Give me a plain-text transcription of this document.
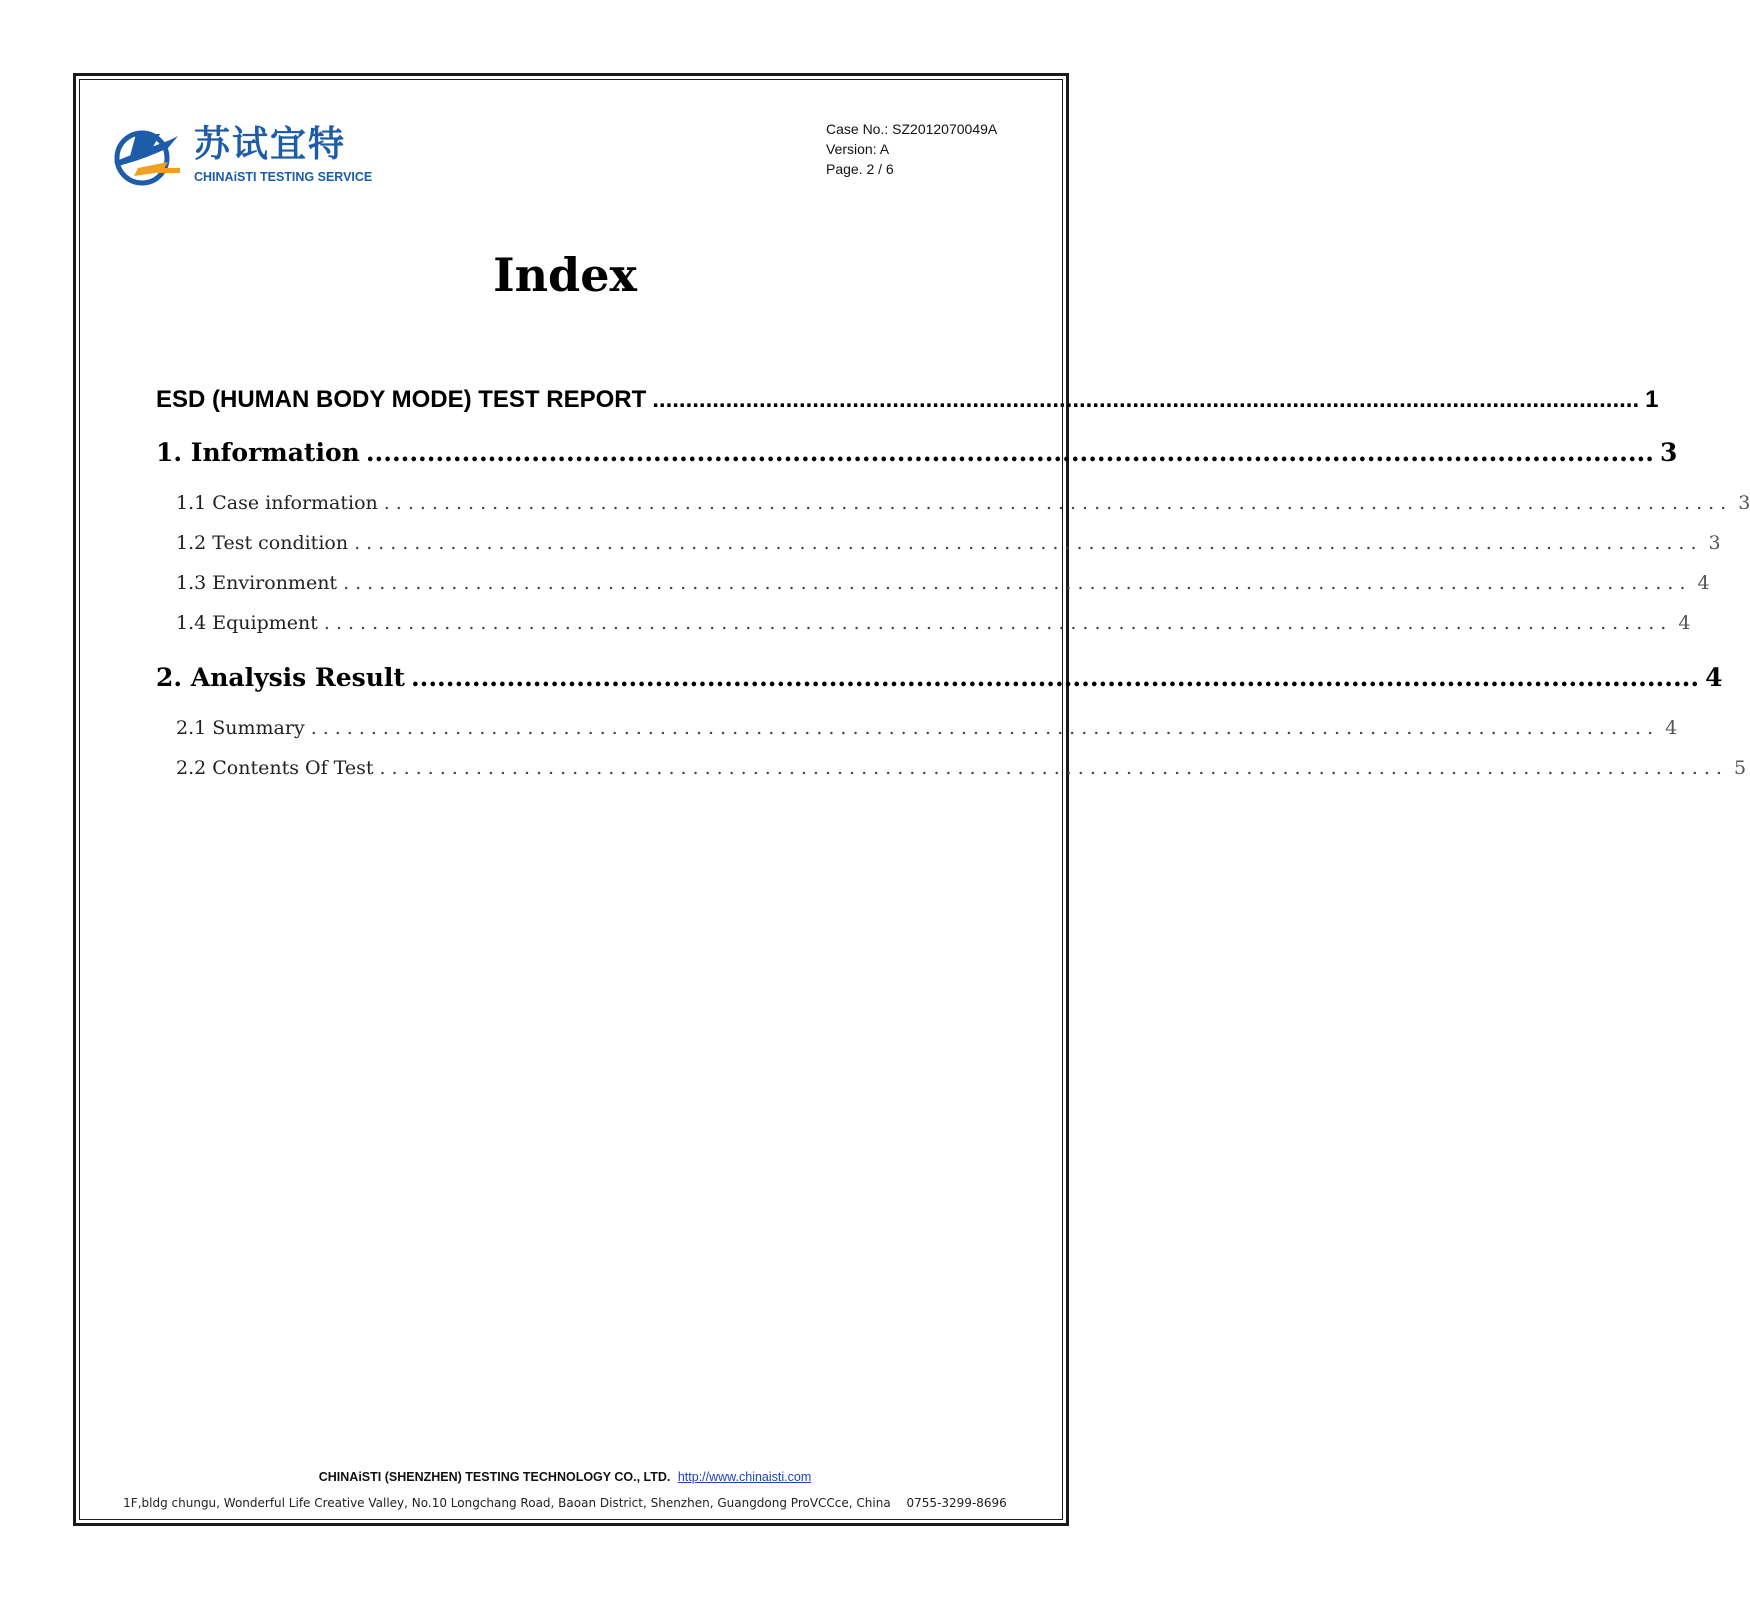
苏试宜特
CHINAiSTI TESTING SERVICE
Case No.: SZ2012070049A
Version: A
Page. 2 / 6
Index
ESD (HUMAN BODY MODE) TEST REPORT .................................................................................................................................................... 1
1. Information .................................................................................................................................................... 3
1.1 Case information ................................................................................................................ 3
1.2 Test condition ................................................................................................................ 3
1.3 Environment ................................................................................................................ 4
1.4 Equipment ................................................................................................................ 4
2. Analysis Result .................................................................................................................................................... 4
2.1 Summary ................................................................................................................ 4
2.2 Contents Of Test ................................................................................................................ 5
CHINAiSTI (SHENZHEN) TESTING TECHNOLOGY CO., LTD. http://www.chinaisti.com
1F,bldg chungu, Wonderful Life Creative Valley, No.10 Longchang Road, Baoan District, Shenzhen, Guangdong ProVCCce, China 0755-3299-8696
